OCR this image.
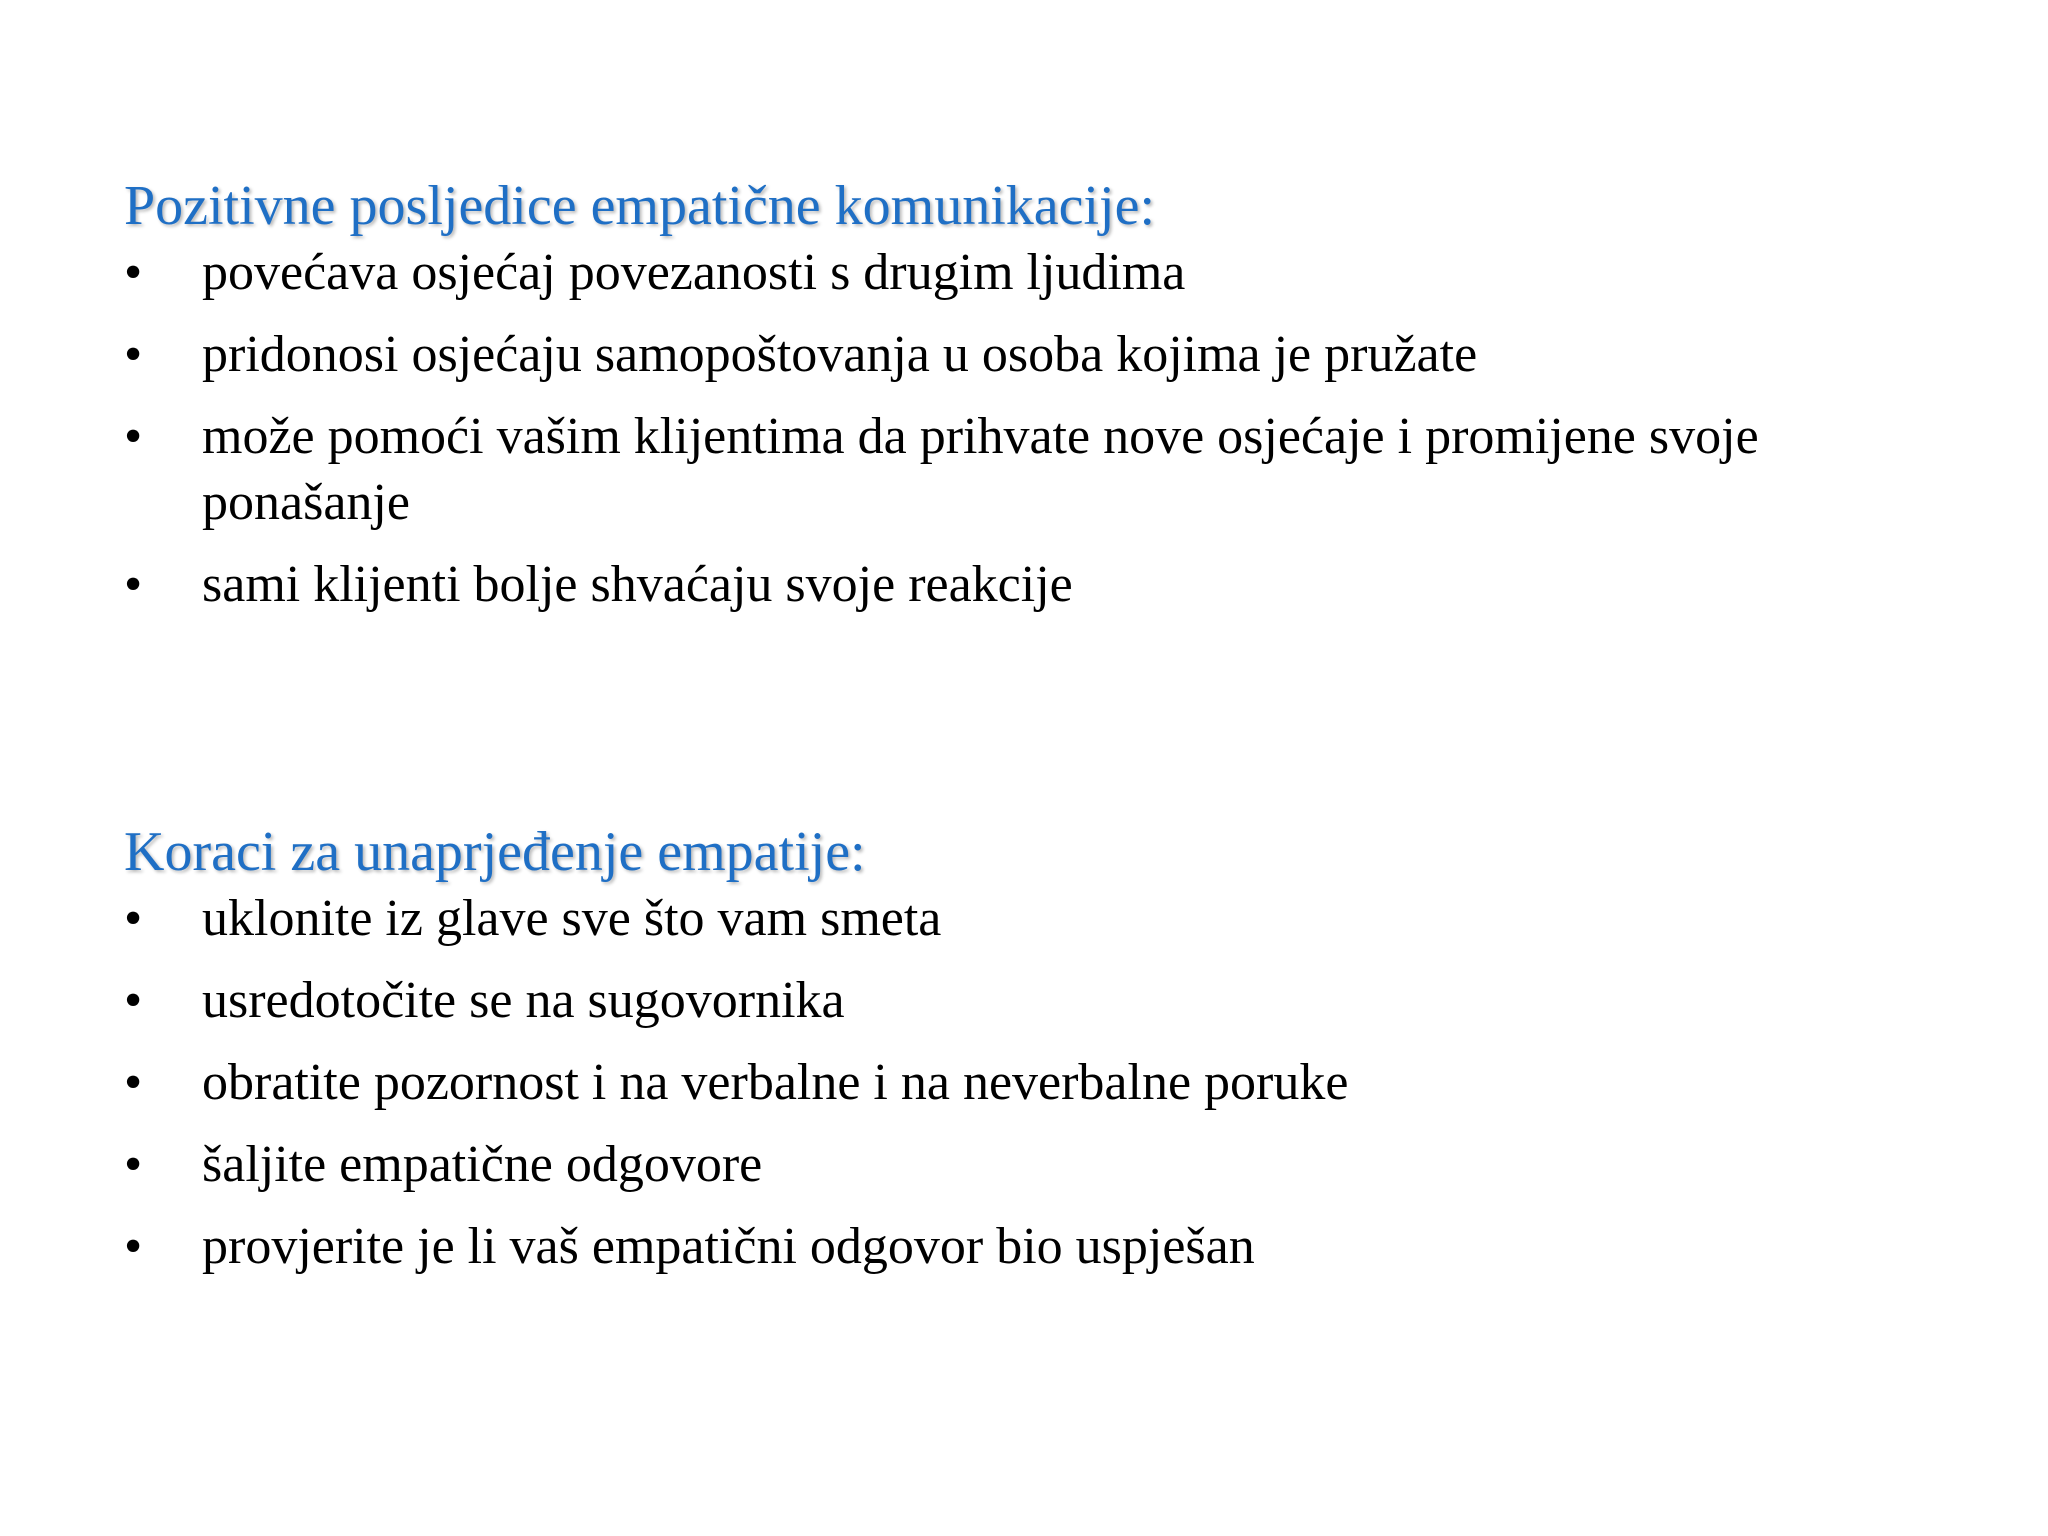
Pozitivne posljedice empatične komunikacije:
•	povećava osjećaj povezanosti s drugim ljudima
•	pridonosi osjećaju samopoštovanja u osoba kojima je pružate
•	može pomoći vašim klijentima da prihvate nove osjećaje i promijene svoje ponašanje
•	sami klijenti bolje shvaćaju svoje reakcije
Koraci za unaprjeđenje empatije:
•	uklonite iz glave sve što vam smeta
•	usredotočite se na sugovornika
•	obratite pozornost i na verbalne i na neverbalne poruke
•	šaljite empatične odgovore
•	provjerite je li vaš empatični odgovor bio uspješan
